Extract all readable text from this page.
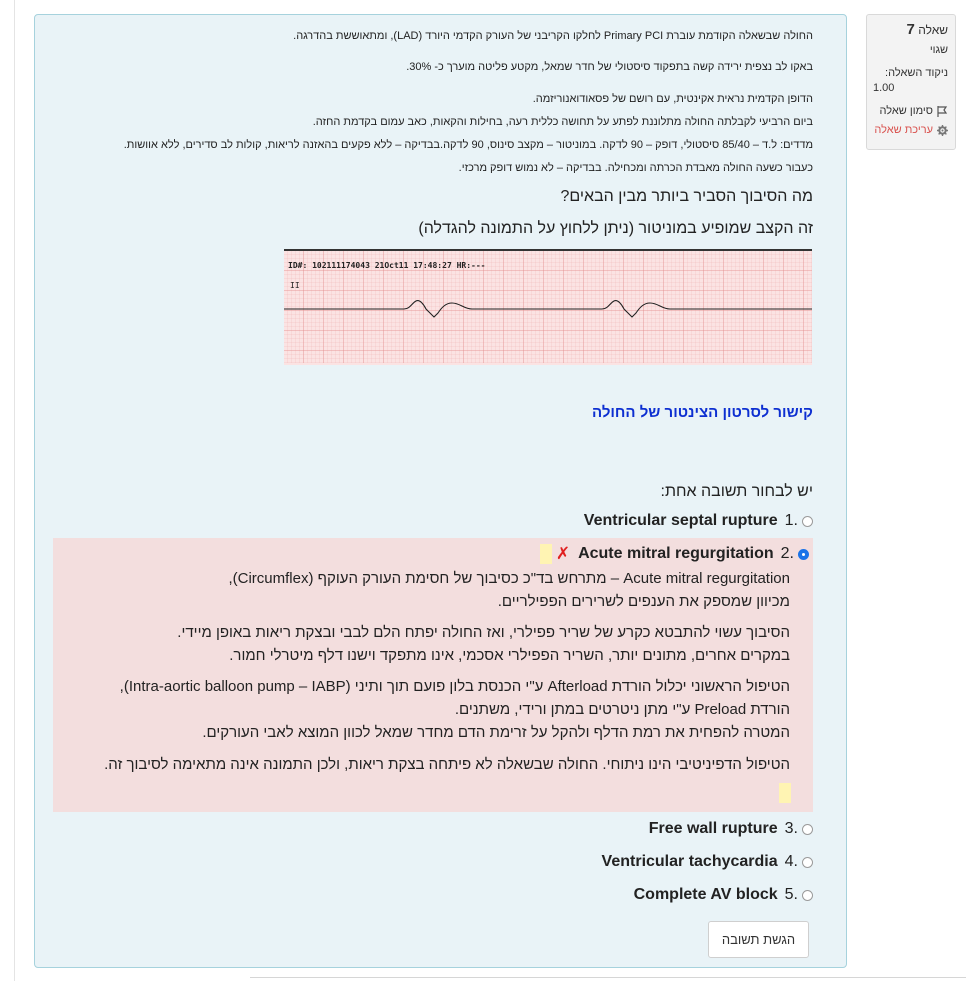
שאלה 7
שגוי
ניקוד השאלה:
1.00
סימון שאלה
עריכת שאלה
החולה שבשאלה הקודמת עוברת Primary PCI לחלקו הקריבני של העורק הקדמי היורד (LAD), ומתאוששת בהדרגה.
באקו לב נצפית ירידה קשה בתפקוד סיסטולי של חדר שמאל, מקטע פליטה מוערך כ- 30%.
הדופן הקדמית נראית אקינטית, עם רושם של פסאודואנוריזמה.
ביום הרביעי לקבלתה החולה מתלוננת לפתע על תחושה כללית רעה, בחילות והקאות, כאב עמום בקדמת החזה.
מדדים: ל.ד – 85/40 סיסטולי, דופק – 90 לדקה. במוניטור – מקצב סינוס, 90 לדקה.בבדיקה – ללא פקעים בהאזנה לריאות, קולות לב סדירים, ללא אוושות.
כעבור כשעה החולה מאבדת הכרתה ומכחילה. בבדיקה – לא נמוש דופק מרכזי.
מה הסיבוך הסביר ביותר מבין הבאים?
זה הקצב שמופיע במוניטור (ניתן ללחוץ על התמונה להגדלה)
ID#: 102111174043 21Oct11 17:48:27 HR:---
II
קישור לסרטון הצינטור של החולה
יש לבחור תשובה אחת:
.1
Ventricular septal rupture
.2
Acute mitral regurgitation
✗
Acute mitral regurgitation – מתרחש בד"כ כסיבוך של חסימת העורק העוקף (Circumflex),
מכיוון שמספק את הענפים לשרירים הפפילריים.
הסיבוך עשוי להתבטא כקרע של שריר פפילרי, ואז החולה יפתח הלם לבבי ובצקת ריאות באופן מיידי.
במקרים אחרים, מתונים יותר, השריר הפפילרי אסכמי, אינו מתפקד וישנו דלף מיטרלי חמור.
הטיפול הראשוני יכלול הורדת Afterload ע"י הכנסת בלון פועם תוך ותיני (Intra-aortic balloon pump – IABP),
הורדת Preload ע"י מתן ניטרטים במתן ורידי, משתנים.
המטרה להפחית את רמת הדלף ולהקל על זרימת הדם מחדר שמאל לכוון המוצא לאבי העורקים.
הטיפול הדפיניטיבי הינו ניתוחי. החולה שבשאלה לא פיתחה בצקת ריאות, ולכן התמונה אינה מתאימה לסיבוך זה.
.3
Free wall rupture
.4
Ventricular tachycardia
.5
Complete AV block
הגשת תשובה
